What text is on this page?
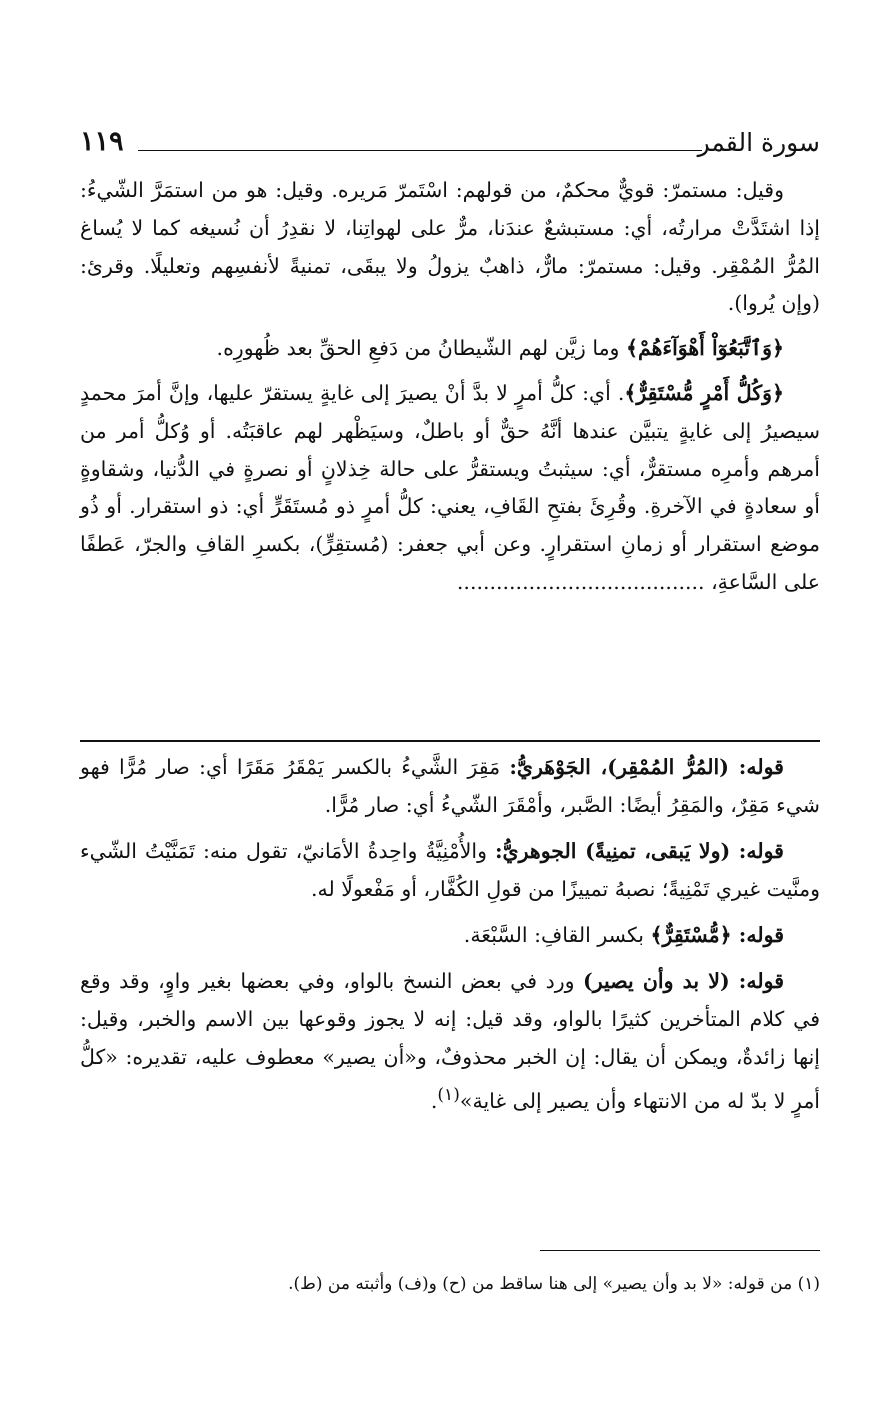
سورة القمر
١١٩

وقيل: مستمرّ: قويٌّ محكمٌ، من قولهم: اسْتَمرّ مَريره. وقيل: هو من استمَرَّ الشّيءُ: إذا اشتَدَّتْ مرارتُه، أي: مستبشعٌ عندَنا، مرٌّ على لهواتِنا، لا نقدِرُ أن نُسيغه كما لا يُساغ المُرُّ المُمْقِر. وقيل: مستمرّ: مارٌّ، ذاهبٌ يزولُ ولا يبقَى، تمنيةً لأنفسِهم وتعليلًا. وقرئ: (وإن يُروا).

﴿وَٱتَّبَعُوٓاْ أَهْوَآءَهُمْ﴾ وما زيَّن لهم الشّيطانُ من دَفعِ الحقِّ بعد ظُهورِه.

﴿وَكُلُّ أَمْرٍ مُّسْتَقِرٌّ﴾. أي: كلُّ أمرٍ لا بدَّ أنْ يصيرَ إلى غايةٍ يستقرّ عليها، وإنَّ أمرَ محمدٍ سيصيرُ إلى غايةٍ يتبيَّن عندها أنَّهُ حقٌّ أو باطلٌ، وسيَظْهر لهم عاقبَتُه. أو وُكلُّ أمر من أمرهم وأمرِه مستقرٌّ، أي: سيثبتُ ويستقرُّ على حالة خِذلانٍ أو نصرةٍ في الدُّنيا، وشقاوةٍ أو سعادةٍ في الآخرةِ. وقُرِئَ بفتحِ القَافِ، يعني: كلُّ أمرٍ ذو مُستَقَرٍّ أي: ذو استقرار. أو ذُو موضع استقرار أو زمانِ استقرارٍ. وعن أبي جعفر: (مُستقِرٍّ)، بكسرِ القافِ والجرّ، عَطفًا على السَّاعةِ، ......................................

قوله: (المُرُّ المُمْقِر)، الجَوْهَريُّ: مَقِرَ الشَّيءُ بالكسر يَمْقَرُ مَقَرًا أي: صار مُرًّا فهو شيء مَقِرٌ، والمَقِرُ أيضًا: الصَّبر، وأمْقَرَ الشّيءُ أي: صار مُرًّا.

قوله: (ولا يَبقى، تمنِيةً) الجوهريُّ: والأُمْنِيَّةُ واحِدةُ الأمَانيّ، تقول منه: تَمَنَّيْتُ الشّيء ومنَّيت غيري تَمْنِيةً؛ نصبهُ تمييزًا من قولِ الكُفَّار، أو مَفْعولًا له.

قوله: ﴿مُّسْتَقِرٌّ﴾ بكسر القافِ: السَّبْعَة.

قوله: (لا بد وأن يصير) ورد في بعض النسخ بالواو، وفي بعضها بغير واوٍ، وقد وقع في كلام المتأخرين كثيرًا بالواو، وقد قيل: إنه لا يجوز وقوعها بين الاسم والخبر، وقيل: إنها زائدةٌ، ويمكن أن يقال: إن الخبر محذوفٌ، و«أن يصير» معطوف عليه، تقديره: «كلُّ أمرٍ لا بدّ له من الانتهاء وأن يصير إلى غاية»$^{(١)}$.

(١) من قوله: «لا بد وأن يصير» إلى هنا ساقط من (ح) و(ف) وأثبته من (ط).
